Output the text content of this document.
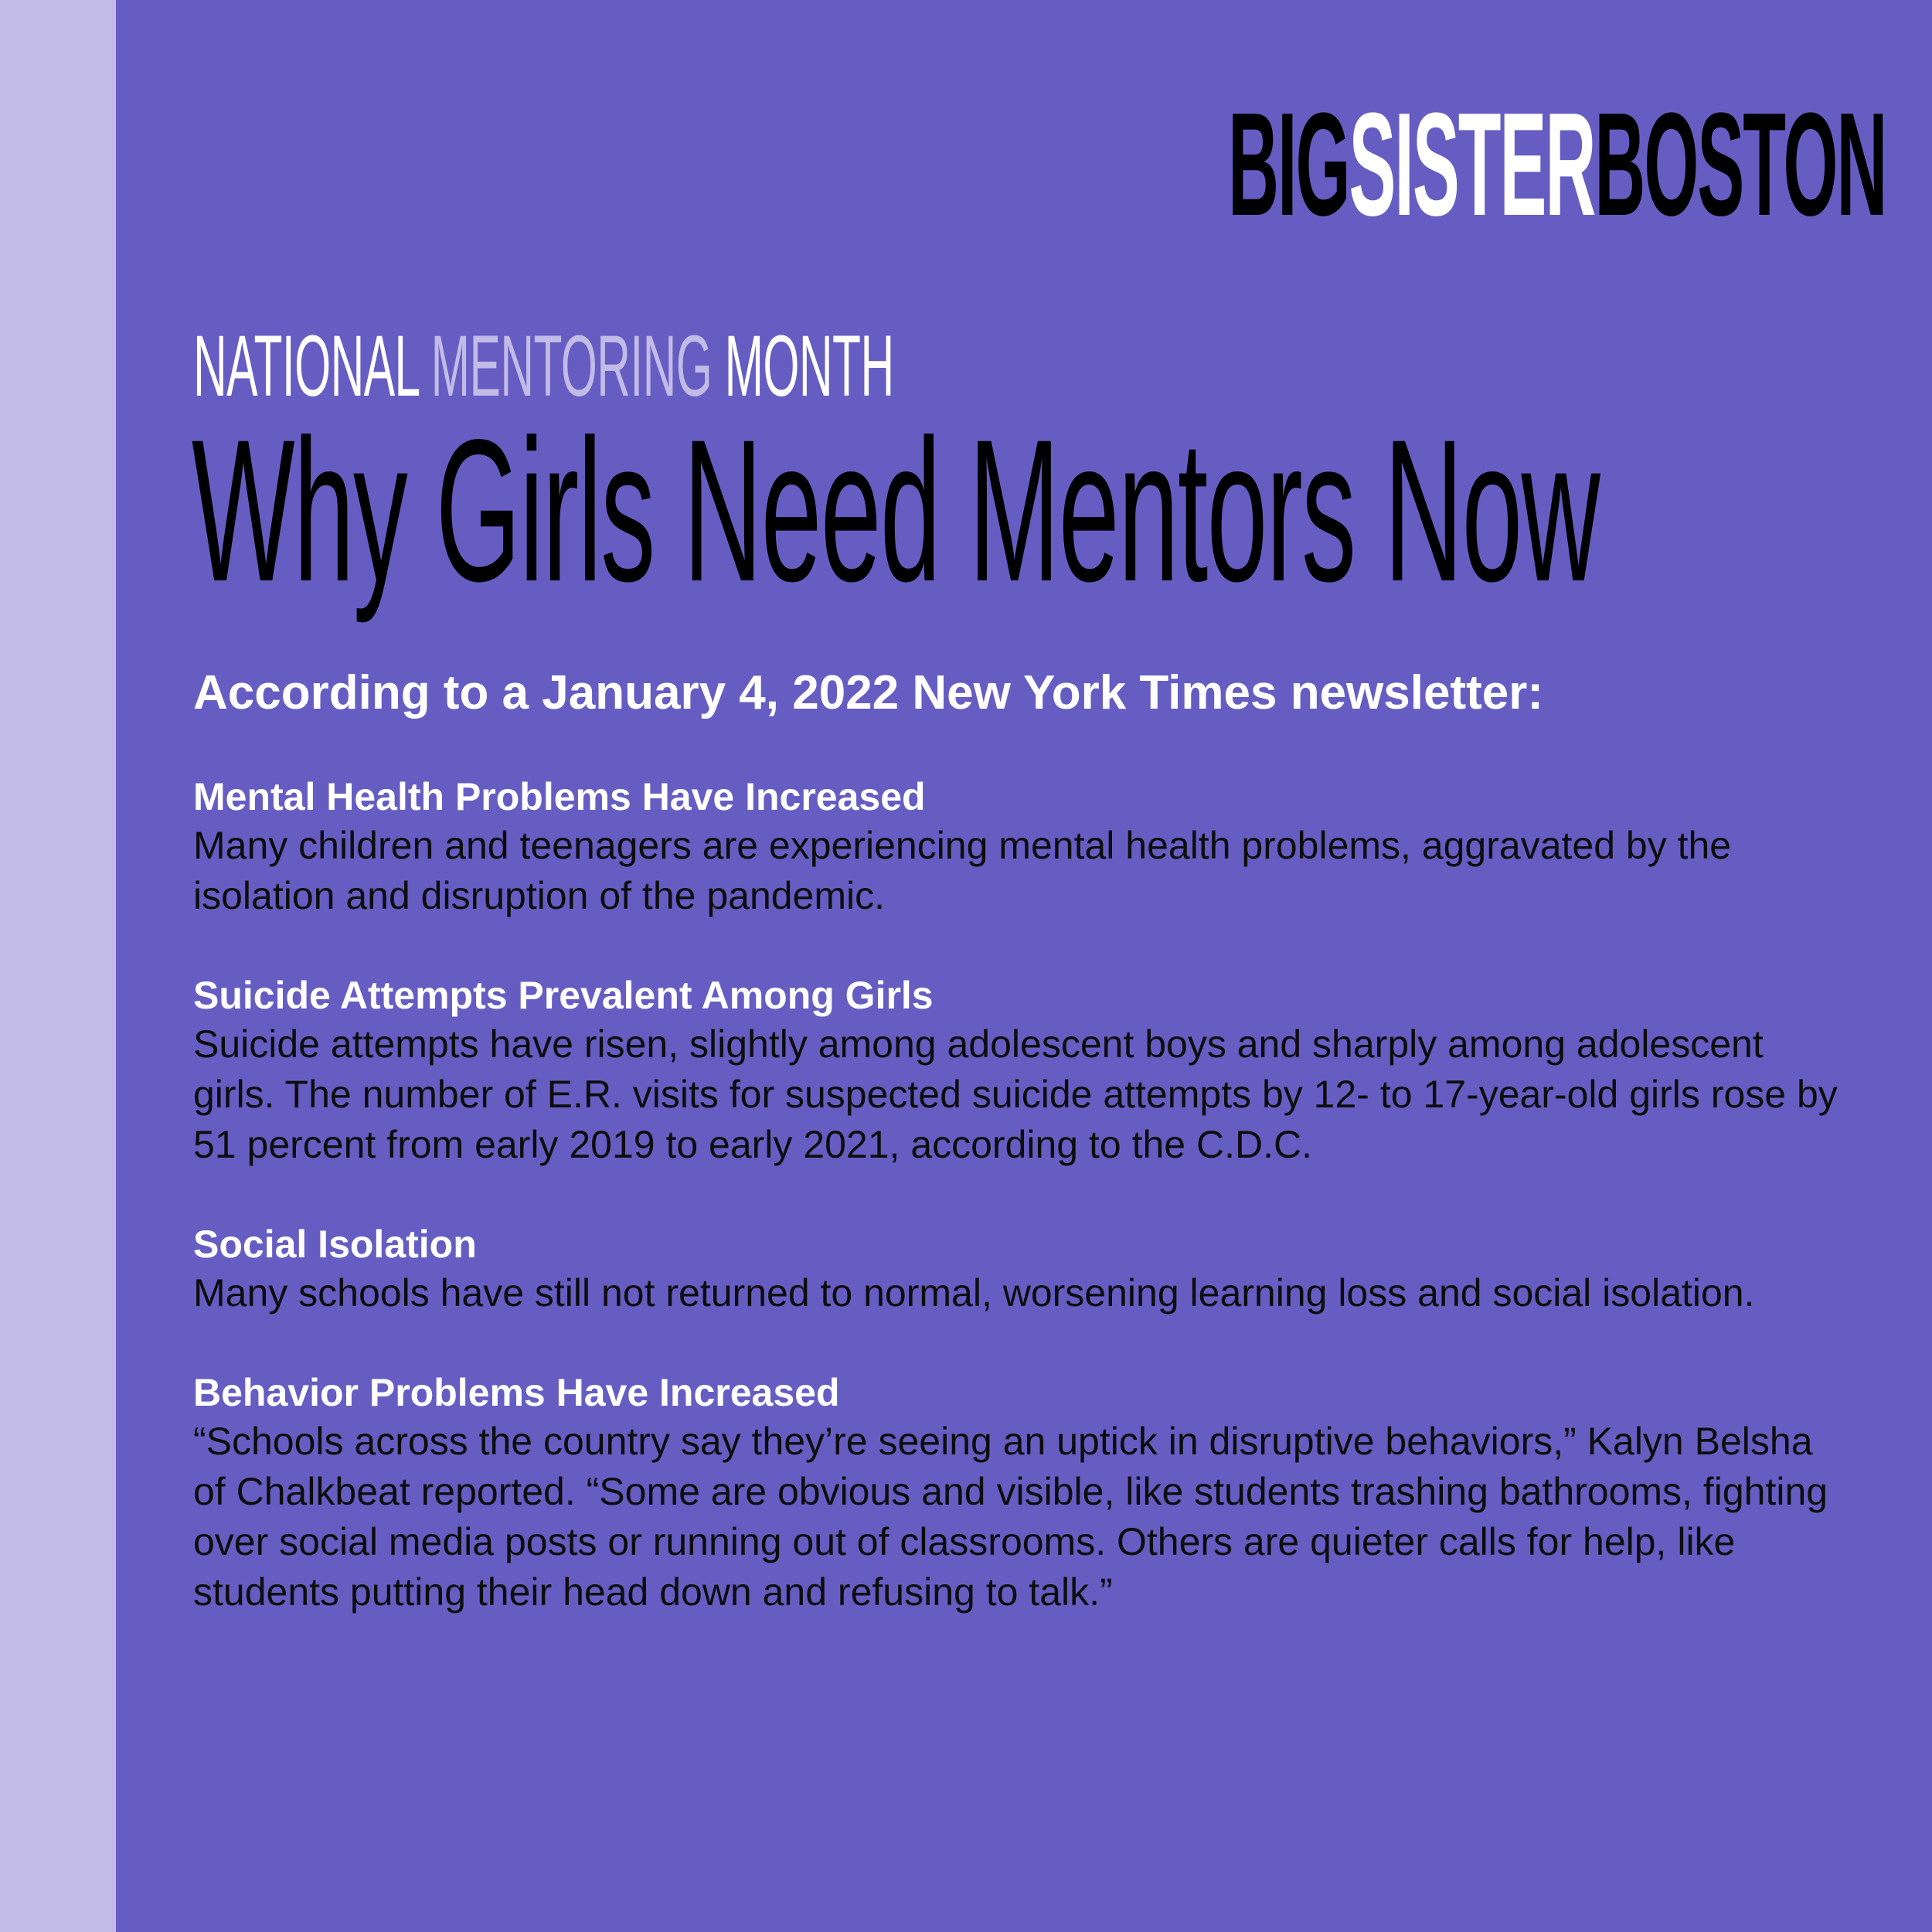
BIGSISTERBOSTON
NATIONAL MENTORING MONTH
Why Girls Need Mentors Now
According to a January 4, 2022 New York Times newsletter:
Mental Health Problems Have Increased
Many children and teenagers are experiencing mental health problems, aggravated by the isolation and disruption of the pandemic.
Suicide Attempts Prevalent Among Girls
Suicide attempts have risen, slightly among adolescent boys and sharply among adolescent girls. The number of E.R. visits for suspected suicide attempts by 12- to 17-year-old girls rose by 51 percent from early 2019 to early 2021, according to the C.D.C.
Social Isolation
Many schools have still not returned to normal, worsening learning loss and social isolation.
Behavior Problems Have Increased
“Schools across the country say they’re seeing an uptick in disruptive behaviors,” Kalyn Belsha of Chalkbeat reported. “Some are obvious and visible, like students trashing bathrooms, fighting over social media posts or running out of classrooms. Others are quieter calls for help, like students putting their head down and refusing to talk.”
